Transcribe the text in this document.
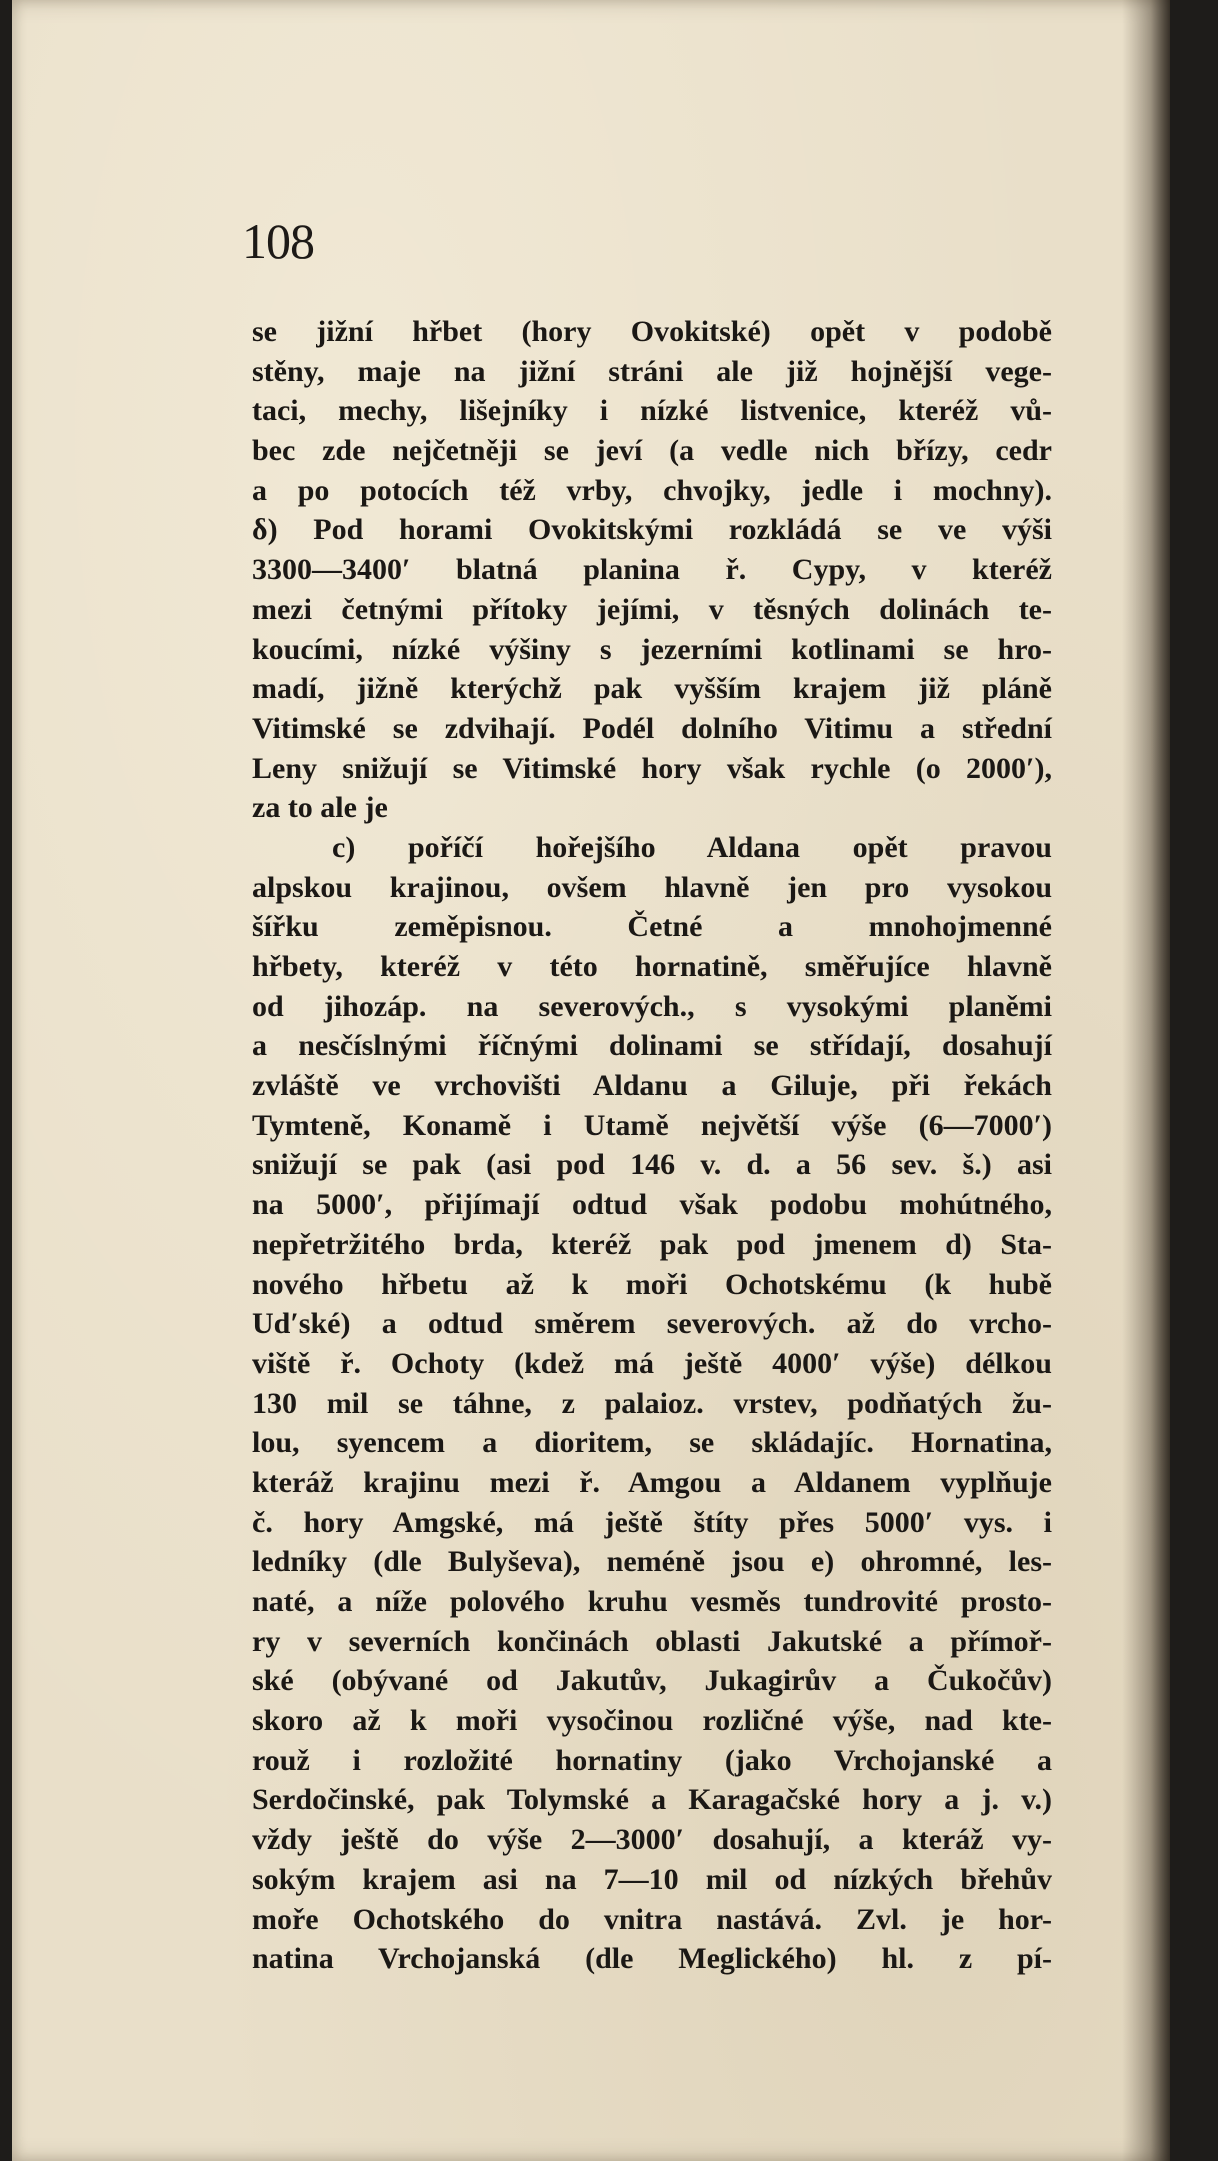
108
se jižní hřbet (hory Ovokitské) opět v podobě
stěny, maje na jižní stráni ale již hojnější vege-
taci, mechy, lišejníky i nízké listvenice, kteréž vů-
bec zde nejčetněji se jeví (a vedle nich břízy, cedr
a po potocích též vrby, chvojky, jedle i mochny).
δ) Pod horami Ovokitskými rozkládá se ve výši
3300—3400′ blatná planina ř. Cypy, v kteréž
mezi četnými přítoky jejími, v těsných dolinách te-
koucími, nízké výšiny s jezerními kotlinami se hro-
madí, jižně kterýchž pak vyšším krajem již pláně
Vitimské se zdvihají. Podél dolního Vitimu a střední
Leny snižují se Vitimské hory však rychle (o 2000′),
za to ale je
c) poříčí hořejšího Aldana opět pravou
alpskou krajinou, ovšem hlavně jen pro vysokou
šířku zeměpisnou. Četné a mnohojmenné
hřbety, kteréž v této hornatině, směřujíce hlavně
od jihozáp. na severových., s vysokými planěmi
a nesčíslnými říčnými dolinami se střídají, dosahují
zvláště ve vrchovišti Aldanu a Giluje, při řekách
Tymteně, Konamě i Utamě největší výše (6—7000′)
snižují se pak (asi pod 146 v. d. a 56 sev. š.) asi
na 5000′, přijímají odtud však podobu mohútného,
nepřetržitého brda, kteréž pak pod jmenem d) Sta-
nového hřbetu až k moři Ochotskému (k hubě
Ud′ské) a odtud směrem severových. až do vrcho-
viště ř. Ochoty (kdež má ještě 4000′ výše) délkou
130 mil se táhne, z palaioz. vrstev, podňatých žu-
lou, syencem a dioritem, se skládajíc. Hornatina,
kteráž krajinu mezi ř. Amgou a Aldanem vyplňuje
č. hory Amgské, má ještě štíty přes 5000′ vys. i
ledníky (dle Bulyševa), neméně jsou e) ohromné, les-
naté, a níže polového kruhu vesměs tundrovité prosto-
ry v severních končinách oblasti Jakutské a přímoř-
ské (obývané od Jakutův, Jukagirův a Čukočův)
skoro až k moři vysočinou rozličné výše, nad kte-
rouž i rozložité hornatiny (jako Vrchojanské a
Serdočinské, pak Tolymské a Karagačské hory a j. v.)
vždy ještě do výše 2—3000′ dosahují, a kteráž vy-
sokým krajem asi na 7—10 mil od nízkých břehův
moře Ochotského do vnitra nastává. Zvl. je hor-
natina Vrchojanská (dle Meglického) hl. z pí-
